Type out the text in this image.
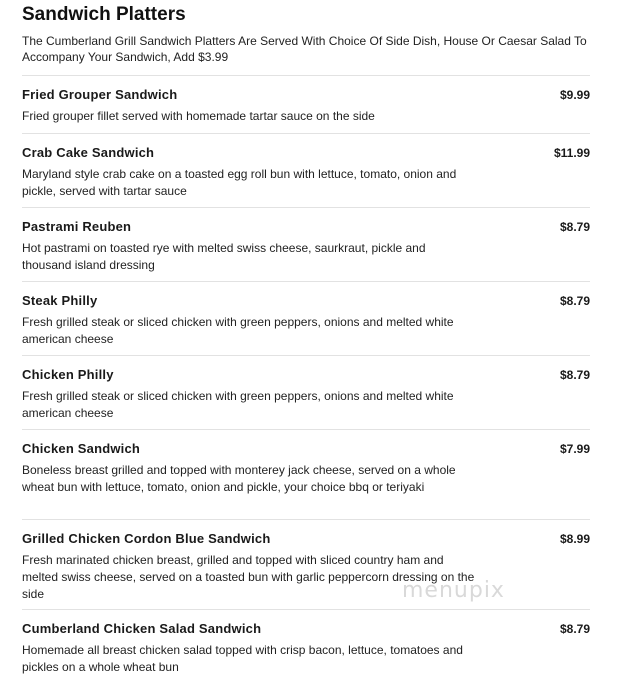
Sandwich Platters
The Cumberland Grill Sandwich Platters Are Served With Choice Of Side Dish, House Or Caesar Salad To Accompany Your Sandwich, Add $3.99
Fried Grouper Sandwich	$9.99
Fried grouper fillet served with homemade tartar sauce on the side
Crab Cake Sandwich	$11.99
Maryland style crab cake on a toasted egg roll bun with lettuce, tomato, onion and pickle, served with tartar sauce
Pastrami Reuben	$8.79
Hot pastrami on toasted rye with melted swiss cheese, saurkraut, pickle and thousand island dressing
Steak Philly	$8.79
Fresh grilled steak or sliced chicken with green peppers, onions and melted white american cheese
Chicken Philly	$8.79
Fresh grilled steak or sliced chicken with green peppers, onions and melted white american cheese
Chicken Sandwich	$7.99
Boneless breast grilled and topped with monterey jack cheese, served on a whole wheat bun with lettuce, tomato, onion and pickle, your choice bbq or teriyaki
Grilled Chicken Cordon Blue Sandwich	$8.99
Fresh marinated chicken breast, grilled and topped with sliced country ham and melted swiss cheese, served on a toasted bun with garlic peppercorn dressing on the side
Cumberland Chicken Salad Sandwich	$8.79
Homemade all breast chicken salad topped with crisp bacon, lettuce, tomatoes and pickles on a whole wheat bun
menupix
